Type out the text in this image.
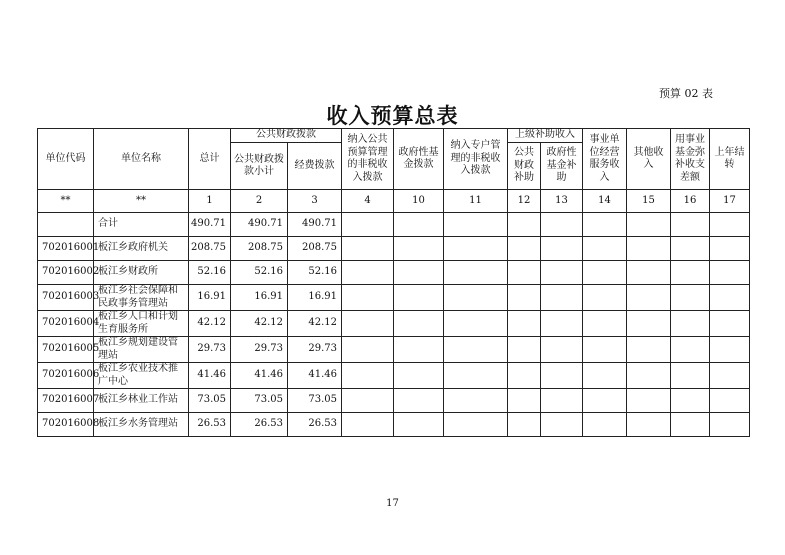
预算 02 表
收入预算总表
单位代码	单位名称	总计	公共财政拨款		纳入公共预算管理的非税收入拨款	政府性基金拨款	纳入专户管理的非税收入拨款	上级补助收入		事业单位经营服务收入	其他收入	用事业基金弥补收支差额	上年结转
			公共财政拨款小计	经费拨款									
								公共财政补助	政府性基金补助				
**	**	1	2	3	4	10	11	12	13	14	15	16	17
	合计	490.71	490.71	490.71									
702016001	板江乡政府机关	208.75	208.75	208.75									
702016002	板江乡财政所	52.16	52.16	52.16									
702016003	板江乡社会保障和民政事务管理站	16.91	16.91	16.91									
702016004	板江乡人口和计划生育服务所	42.12	42.12	42.12									
702016005	板江乡规划建设管理站	29.73	29.73	29.73									
702016006	板江乡农业技术推广中心	41.46	41.46	41.46									
702016007	板江乡林业工作站	73.05	73.05	73.05									
702016008	板江乡水务管理站	26.53	26.53	26.53									
17
